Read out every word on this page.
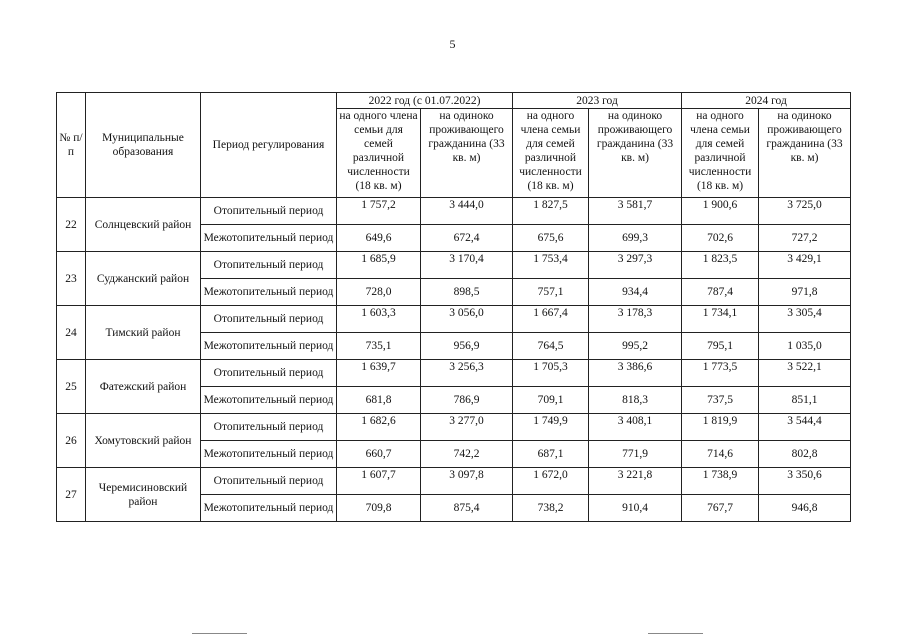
5
№ п/п	Муниципальные образования	Период регулирования	2022 год (с 01.07.2022)		2023 год		2024 год	
			на одного члена семьи для семей различной численности (18 кв. м)	на одиноко проживающего гражданина (33 кв. м)	на одного члена семьи для семей различной численности (18 кв. м)	на одиноко проживающего гражданина (33 кв. м)	на одного члена семьи для семей различной численности (18 кв. м)	на одиноко проживающего гражданина (33 кв. м)
22	Солнцевский район	Отопительный период	1 757,2	3 444,0	1 827,5	3 581,7	1 900,6	3 725,0
		Межотопительный период	649,6	672,4	675,6	699,3	702,6	727,2
23	Суджанский район	Отопительный период	1 685,9	3 170,4	1 753,4	3 297,3	1 823,5	3 429,1
		Межотопительный период	728,0	898,5	757,1	934,4	787,4	971,8
24	Тимский район	Отопительный период	1 603,3	3 056,0	1 667,4	3 178,3	1 734,1	3 305,4
		Межотопительный период	735,1	956,9	764,5	995,2	795,1	1 035,0
25	Фатежский район	Отопительный период	1 639,7	3 256,3	1 705,3	3 386,6	1 773,5	3 522,1
		Межотопительный период	681,8	786,9	709,1	818,3	737,5	851,1
26	Хомутовский район	Отопительный период	1 682,6	3 277,0	1 749,9	3 408,1	1 819,9	3 544,4
		Межотопительный период	660,7	742,2	687,1	771,9	714,6	802,8
27	Черемисиновский район	Отопительный период	1 607,7	3 097,8	1 672,0	3 221,8	1 738,9	3 350,6
		Межотопительный период	709,8	875,4	738,2	910,4	767,7	946,8
